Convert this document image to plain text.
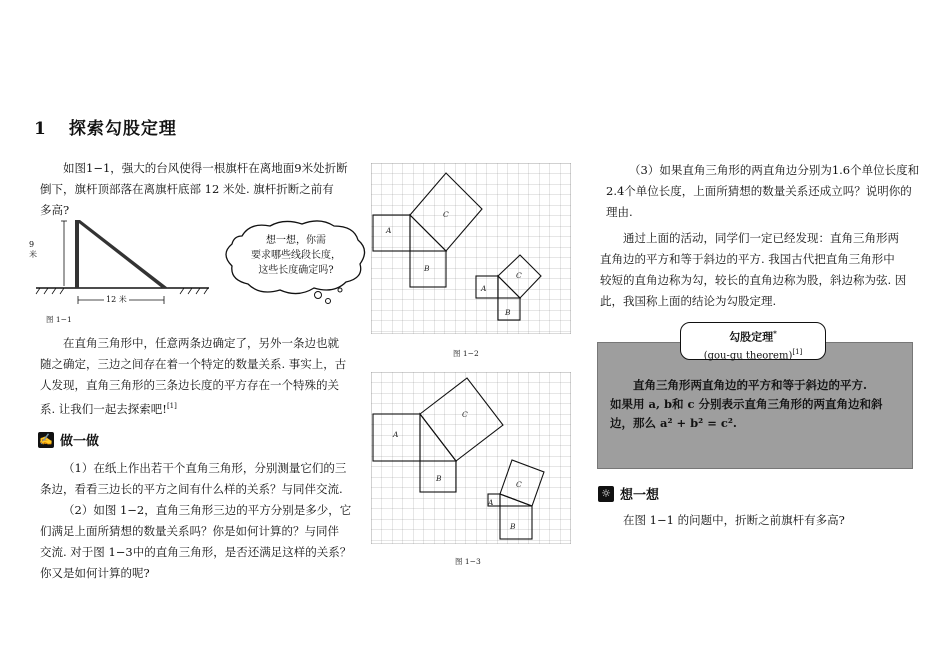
1 探索勾股定理
如图1−1，强大的台风使得一根旗杆在离地面9米处折断
倒下，旗杆顶部落在离旗杆底部 12 米处. 旗杆折断之前有
多高?
9米
12 米
图 1−1
想一想，你需
要求哪些线段长度，
这些长度确定吗?
在直角三角形中，任意两条边确定了，另外一条边也就
随之确定，三边之间存在着一个特定的数量关系. 事实上，古
人发现，直角三角形的三条边长度的平方存在一个特殊的关
系. 让我们一起去探索吧![1]
✍ 做一做
（1）在纸上作出若干个直角三角形，分别测量它们的三
条边，看看三边长的平方之间有什么样的关系？与同伴交流.
（2）如图 1−2，直角三角形三边的平方分别是多少，它
们满足上面所猜想的数量关系吗？你是如何计算的？与同伴
交流. 对于图 1−3中的直角三角形，是否还满足这样的关系？
你又是如何计算的呢?
A
B
C
A
B
C
图 1−2
A
B
C
A
B
C
图 1−3
（3）如果直角三角形的两直角边分别为1.6个单位长度和
2.4个单位长度，上面所猜想的数量关系还成立吗？说明你的
理由.
通过上面的活动，同学们一定已经发现：直角三角形两
直角边的平方和等于斜边的平方. 我国古代把直角三角形中
较短的直角边称为勾，较长的直角边称为股，斜边称为弦. 因
此，我国称上面的结论为勾股定理.
勾股定理*
(gou-gu theorem)[1]
直角三角形两直角边的平方和等于斜边的平方.
如果用 a, b和 c 分别表示直角三角形的两直角边和斜
边，那么 a² + b² = c².
☼ 想一想
在图 1−1 的问题中，折断之前旗杆有多高?
